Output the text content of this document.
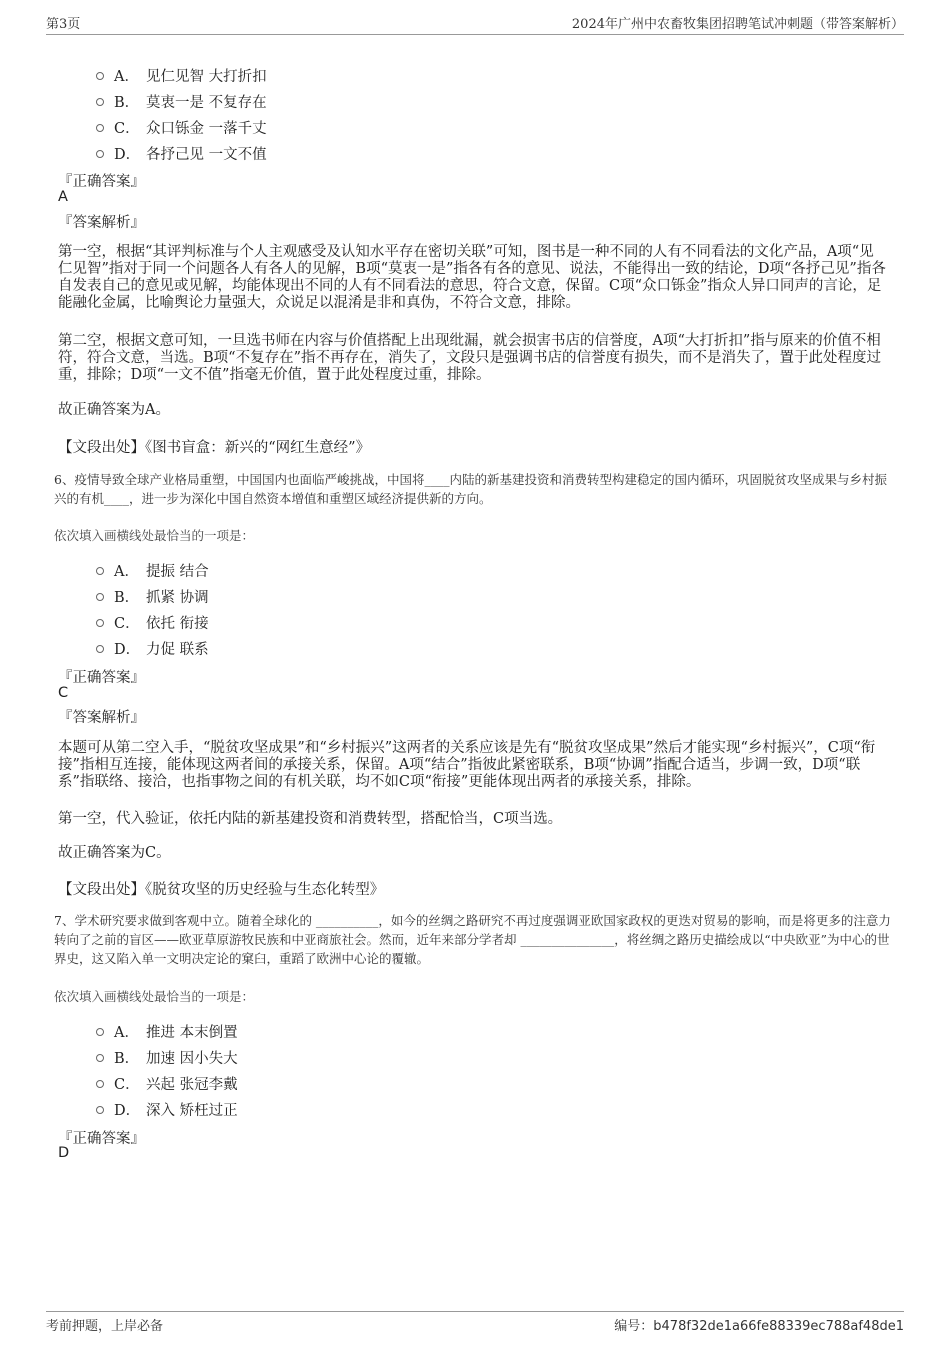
第3页	2024年广州中农畜牧集团招聘笔试冲刺题（带答案解析）
A． 见仁见智 大打折扣
B． 莫衷一是 不复存在
C． 众口铄金 一落千丈
D． 各抒己见 一文不值
『正确答案』
A
『答案解析』
第一空，根据“其评判标准与个人主观感受及认知水平存在密切关联”可知，图书是一种不同的人有不同看法的文化产品，A项“见仁见智”指对于同一个问题各人有各人的见解，B项“莫衷一是”指各有各的意见、说法，不能得出一致的结论，D项“各抒己见”指各自发表自己的意见或见解，均能体现出不同的人有不同看法的意思，符合文意，保留。C项“众口铄金”指众人异口同声的言论，足能融化金属，比喻舆论力量强大，众说足以混淆是非和真伪，不符合文意，排除。
第二空，根据文意可知，一旦选书师在内容与价值搭配上出现纰漏，就会损害书店的信誉度，A项“大打折扣”指与原来的价值不相符，符合文意，当选。B项“不复存在”指不再存在，消失了，文段只是强调书店的信誉度有损失，而不是消失了，置于此处程度过重，排除；D项“一文不值”指毫无价值，置于此处程度过重，排除。
故正确答案为A。
【文段出处】《图书盲盒：新兴的“网红生意经”》
6、疫情导致全球产业格局重塑，中国国内也面临严峻挑战，中国将____内陆的新基建投资和消费转型构建稳定的国内循环，巩固脱贫攻坚成果与乡村振兴的有机____，进一步为深化中国自然资本增值和重塑区域经济提供新的方向。
依次填入画横线处最恰当的一项是：
A． 提振 结合
B． 抓紧 协调
C． 依托 衔接
D． 力促 联系
『正确答案』
C
『答案解析』
本题可从第二空入手，“脱贫攻坚成果”和“乡村振兴”这两者的关系应该是先有“脱贫攻坚成果”然后才能实现“乡村振兴”，C项“衔接”指相互连接，能体现这两者间的承接关系，保留。A项“结合”指彼此紧密联系，B项“协调”指配合适当，步调一致，D项“联系”指联络、接洽，也指事物之间的有机关联，均不如C项“衔接”更能体现出两者的承接关系，排除。
第一空，代入验证，依托内陆的新基建投资和消费转型，搭配恰当，C项当选。
故正确答案为C。
【文段出处】《脱贫攻坚的历史经验与生态化转型》
7、学术研究要求做到客观中立。随着全球化的 __________，如今的丝绸之路研究不再过度强调亚欧国家政权的更迭对贸易的影响，而是将更多的注意力转向了之前的盲区——欧亚草原游牧民族和中亚商旅社会。然而，近年来部分学者却 _______________，将丝绸之路历史描绘成以“中央欧亚”为中心的世界史，这又陷入单一文明决定论的窠臼，重蹈了欧洲中心论的覆辙。
依次填入画横线处最恰当的一项是：
A． 推进 本末倒置
B． 加速 因小失大
C． 兴起 张冠李戴
D． 深入 矫枉过正
『正确答案』
D
考前押题，上岸必备	编号：b478f32de1a66fe88339ec788af48de1
